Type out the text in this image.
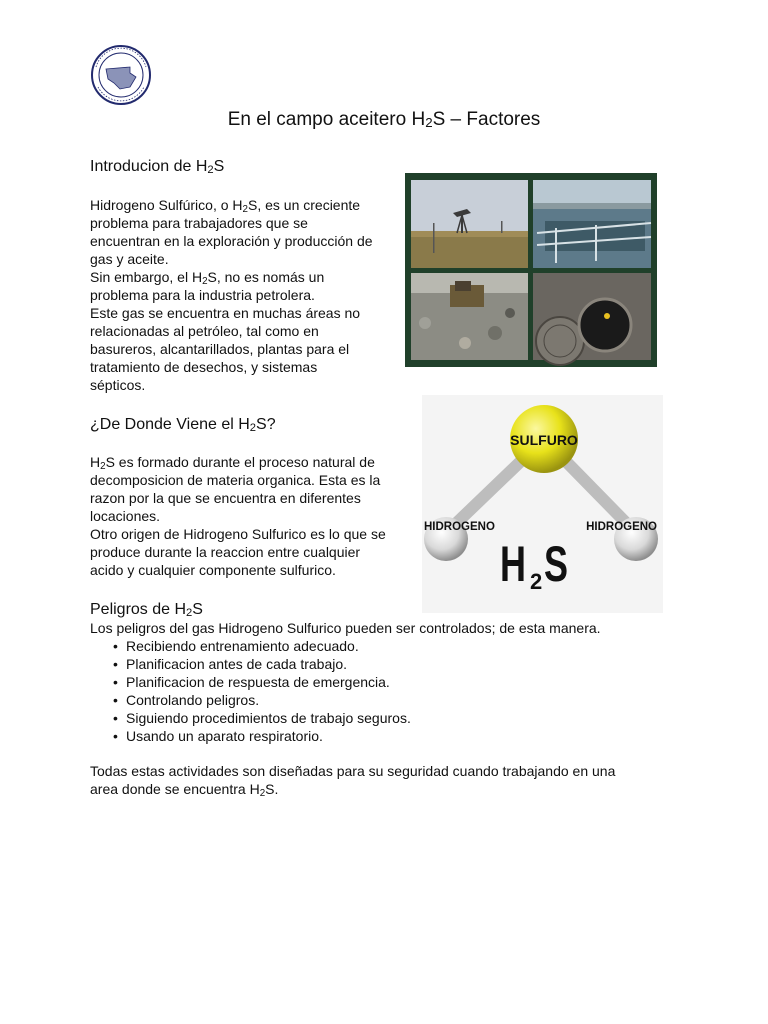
En el campo aceitero $H_2S$ – Factores
Introducion de $H_2S$

Hidrogeno Sulfúrico, o $H_2S$, es un creciente

problema para trabajadores que se

encuentran en la exploración y producción de

gas y aceite.

Sin embargo, el $H_2S$, no es nomás un

problema para la industria petrolera.

Este gas se encuentra en muchas áreas no

relacionadas al petróleo, tal como en

basureros, alcantarillados, plantas para el

tratamiento de desechos, y sistemas

sépticos.

¿De Donde Viene el $H_2S$?

$H_2S$ es formado durante el proceso natural de

decomposicion de materia organica. Esta es la

razon por la que se encuentra en diferentes

locaciones.

Otro origen de Hidrogeno Sulfurico es lo que se

produce durante la reaccion entre cualquier

acido y cualquier componente sulfurico.

SULFURO
HIDROGENO	HIDROGENO
H 2 S
Peligros de $H_2S$

Los peligros del gas Hidrogeno Sulfurico pueden ser controlados; de esta manera.

• Recibiendo entrenamiento adecuado.
• Planificacion antes de cada trabajo.
• Planificacion de respuesta de emergencia.
• Controlando peligros.
• Siguiendo procedimientos de trabajo seguros.
• Usando un aparato respiratorio.

Todas estas actividades son diseñadas para su seguridad cuando trabajando en una

area donde se encuentra $H_2S$.
